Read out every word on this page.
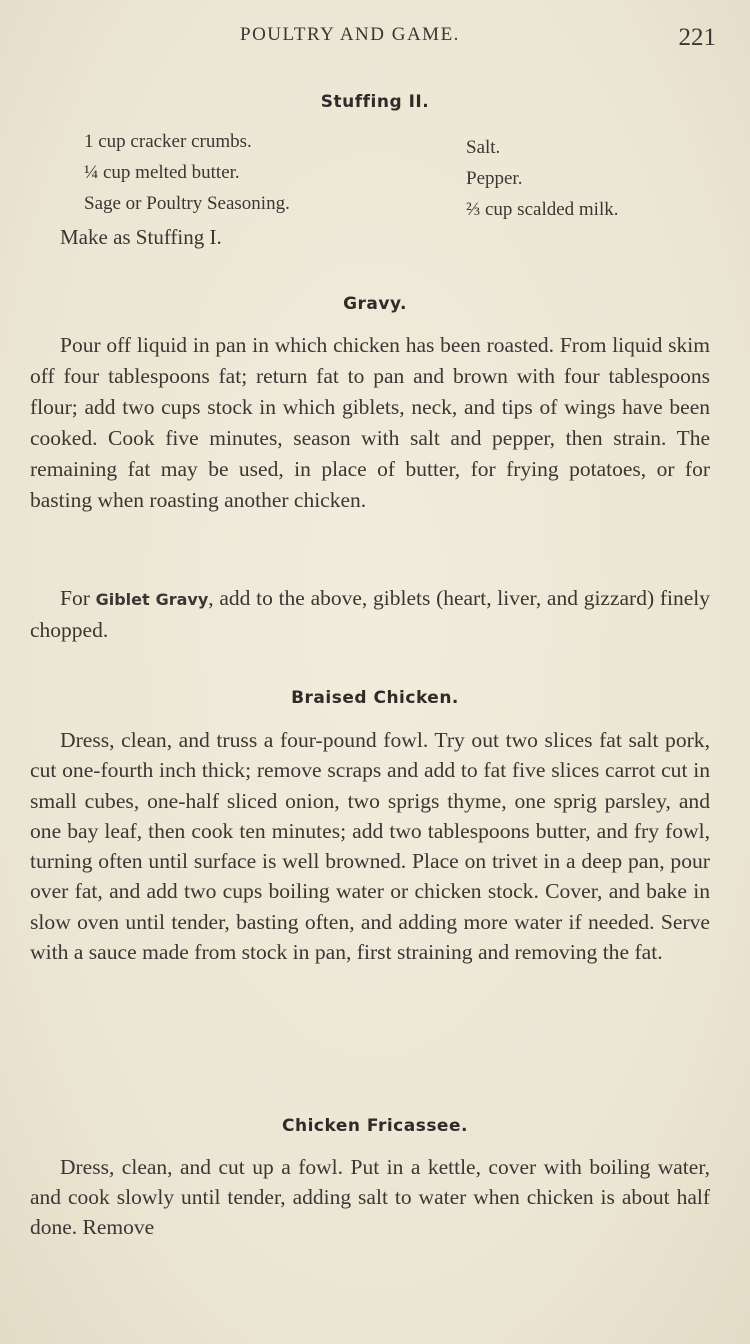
POULTRY AND GAME.	221
Stuffing II.
1 cup cracker crumbs.
¼ cup melted butter.
Sage or Poultry Seasoning.
Salt.
Pepper.
⅔ cup scalded milk.
Make as Stuffing I.
Gravy.
Pour off liquid in pan in which chicken has been roasted. From liquid skim off four tablespoons fat; return fat to pan and brown with four tablespoons flour; add two cups stock in which giblets, neck, and tips of wings have been cooked. Cook five minutes, season with salt and pepper, then strain. The remaining fat may be used, in place of butter, for frying potatoes, or for basting when roasting another chicken.
For Giblet Gravy, add to the above, giblets (heart, liver, and gizzard) finely chopped.
Braised Chicken.
Dress, clean, and truss a four-pound fowl. Try out two slices fat salt pork, cut one-fourth inch thick; remove scraps and add to fat five slices carrot cut in small cubes, one-half sliced onion, two sprigs thyme, one sprig parsley, and one bay leaf, then cook ten minutes; add two tablespoons butter, and fry fowl, turning often until surface is well browned. Place on trivet in a deep pan, pour over fat, and add two cups boiling water or chicken stock. Cover, and bake in slow oven until tender, basting often, and adding more water if needed. Serve with a sauce made from stock in pan, first straining and removing the fat.
Chicken Fricassee.
Dress, clean, and cut up a fowl. Put in a kettle, cover with boiling water, and cook slowly until tender, adding salt to water when chicken is about half done. Remove
